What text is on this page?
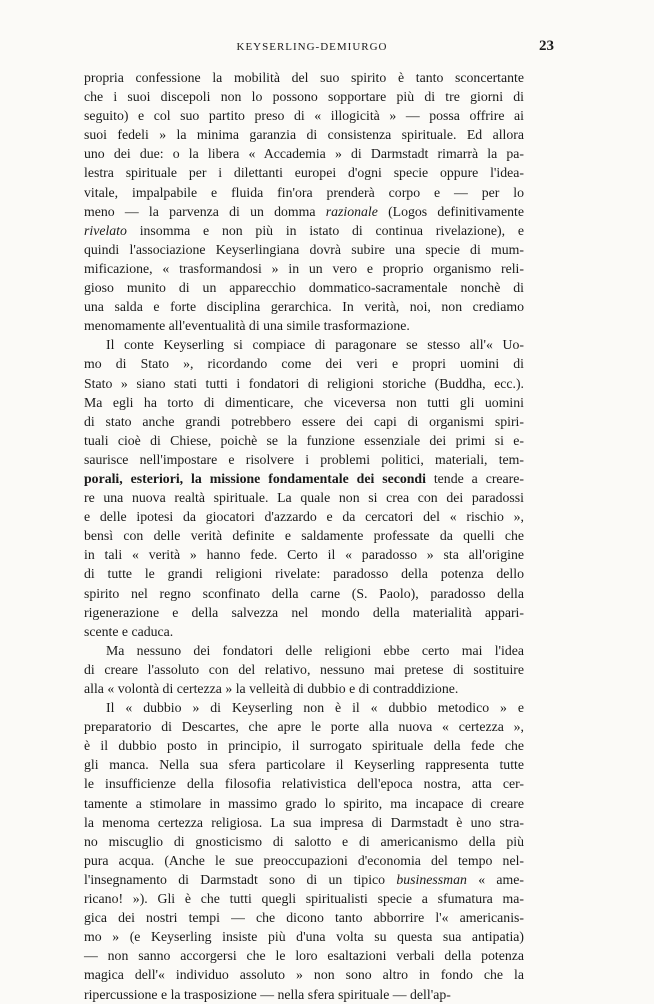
KEYSERLING-DEMIURGO	23
propria confessione la mobilità del suo spirito è tanto sconcertante
che i suoi discepoli non lo possono sopportare più di tre giorni di
seguito) e col suo partito preso di « illogicità » — possa offrire ai
suoi fedeli » la minima garanzia di consistenza spirituale. Ed allora
uno dei due: o la libera « Accademia » di Darmstadt rimarrà la pa-
lestra spirituale per i dilettanti europei d'ogni specie oppure l'idea-
vitale, impalpabile e fluida fin'ora prenderà corpo e — per lo
meno — la parvenza di un domma razionale (Logos definitivamente
rivelato insomma e non più in istato di continua rivelazione), e
quindi l'associazione Keyserlingiana dovrà subire una specie di mum-
mificazione, « trasformandosi » in un vero e proprio organismo reli-
gioso munito di un apparecchio dommatico-sacramentale nonchè di
una salda e forte disciplina gerarchica. In verità, noi, non crediamo
menomamente all'eventualità di una simile trasformazione.
Il conte Keyserling si compiace di paragonare se stesso all'« Uo-
mo di Stato », ricordando come dei veri e propri uomini di
Stato » siano stati tutti i fondatori di religioni storiche (Buddha, ecc.).
Ma egli ha torto di dimenticare, che viceversa non tutti gli uomini
di stato anche grandi potrebbero essere dei capi di organismi spiri-
tuali cioè di Chiese, poichè se la funzione essenziale dei primi si e-
saurisce nell'impostare e risolvere i problemi politici, materiali, tem-
porali, esteriori, la missione fondamentale dei secondi tende a creare-
re una nuova realtà spirituale. La quale non si crea con dei paradossi
e delle ipotesi da giocatori d'azzardo e da cercatori del « rischio »,
bensì con delle verità definite e saldamente professate da quelli che
in tali « verità » hanno fede. Certo il « paradosso » sta all'origine
di tutte le grandi religioni rivelate: paradosso della potenza dello
spirito nel regno sconfinato della carne (S. Paolo), paradosso della
rigenerazione e della salvezza nel mondo della materialità appari-
scente e caduca.
Ma nessuno dei fondatori delle religioni ebbe certo mai l'idea
di creare l'assoluto con del relativo, nessuno mai pretese di sostituire
alla « volontà di certezza » la velleità di dubbio e di contraddizione.
Il « dubbio » di Keyserling non è il « dubbio metodico » e
preparatorio di Descartes, che apre le porte alla nuova « certezza »,
è il dubbio posto in principio, il surrogato spirituale della fede che
gli manca. Nella sua sfera particolare il Keyserling rappresenta tutte
le insufficienze della filosofia relativistica dell'epoca nostra, atta cer-
tamente a stimolare in massimo grado lo spirito, ma incapace di creare
la menoma certezza religiosa. La sua impresa di Darmstadt è uno stra-
no miscuglio di gnosticismo di salotto e di americanismo della più
pura acqua. (Anche le sue preoccupazioni d'economia del tempo nel-
l'insegnamento di Darmstadt sono di un tipico businessman « ame-
ricano! »). Gli è che tutti quegli spiritualisti specie a sfumatura ma-
gica dei nostri tempi — che dicono tanto abborrire l'« americanis-
mo » (e Keyserling insiste più d'una volta su questa sua antipatia)
— non sanno accorgersi che le loro esaltazioni verbali della potenza
magica dell'« individuo assoluto » non sono altro in fondo che la
ripercussione e la trasposizione — nella sfera spirituale — dell'ap-
